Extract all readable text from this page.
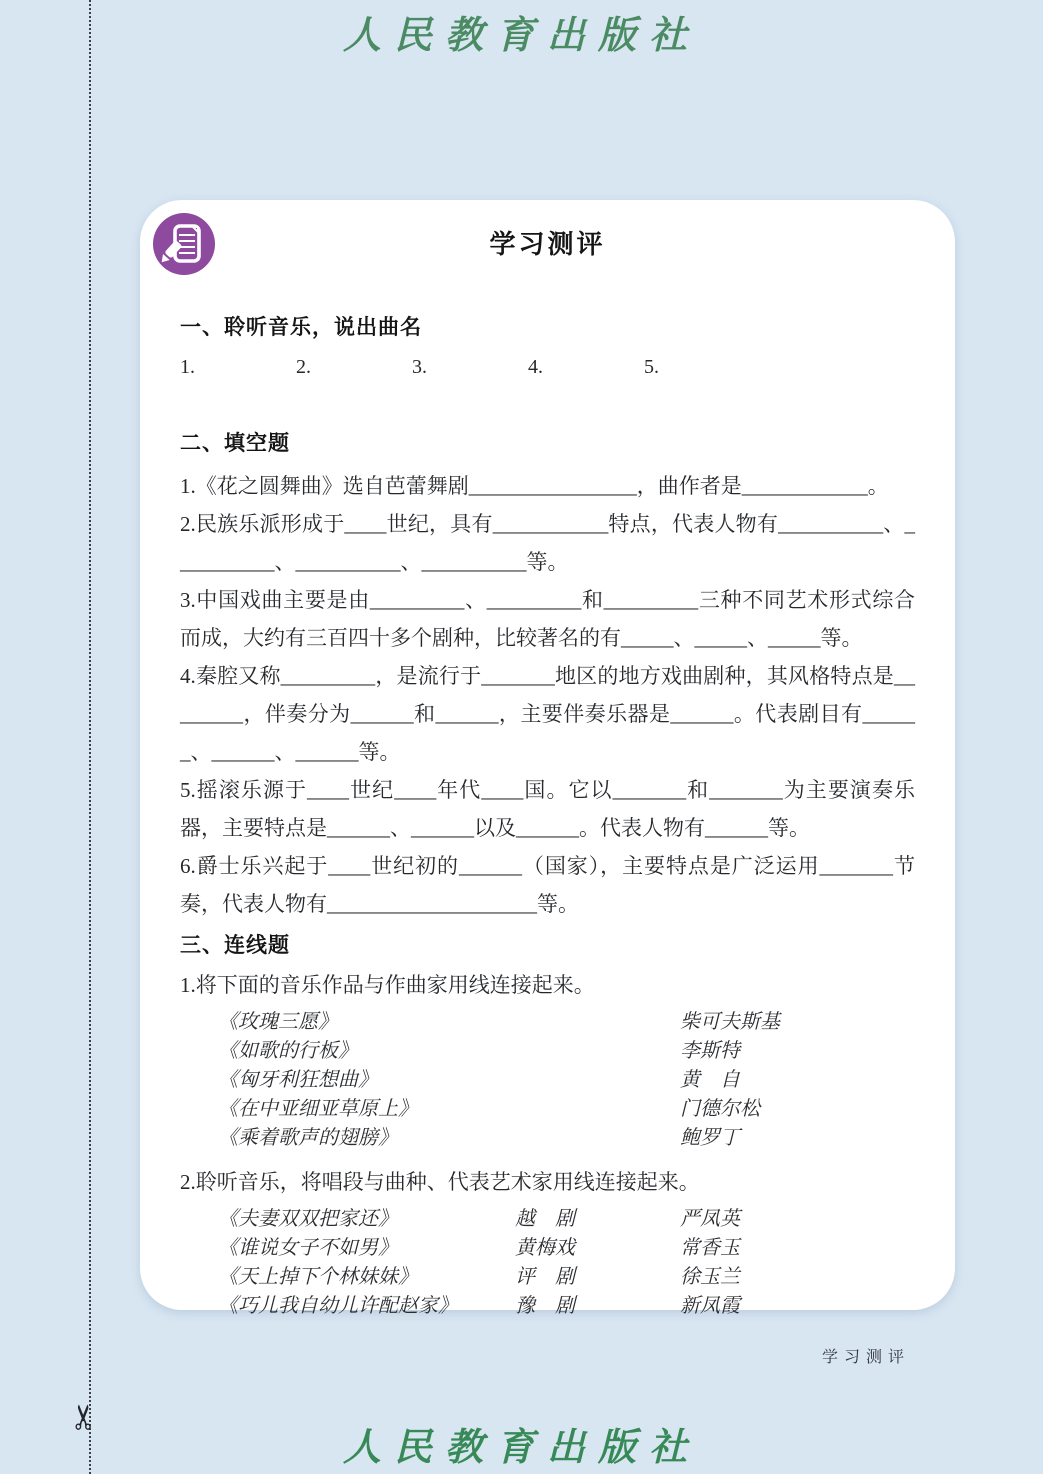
✂
人民教育出版社
学习测评
一、聆听音乐，说出曲名
1.	2.	3.	4.	5.
二、填空题

1.《花之圆舞曲》选自芭蕾舞剧________________，曲作者是____________。

2.民族乐派形成于____世纪，具有___________特点，代表人物有__________、__________、__________、__________等。

3.中国戏曲主要是由_________、_________和_________三种不同艺术形式综合而成，大约有三百四十多个剧种，比较著名的有_____、_____、_____等。

4.秦腔又称_________，是流行于_______地区的地方戏曲剧种，其风格特点是________，伴奏分为______和______，主要伴奏乐器是______。代表剧目有______、______、______等。

5.摇滚乐源于____世纪____年代____国。它以_______和_______为主要演奏乐器，主要特点是______、______以及______。代表人物有______等。

6.爵士乐兴起于____世纪初的______（国家），主要特点是广泛运用_______节奏，代表人物有____________________等。

三、连线题
1.将下面的音乐作品与作曲家用线连接起来。
《玫瑰三愿》	柴可夫斯基
《如歌的行板》	李斯特
《匈牙利狂想曲》	黄　自
《在中亚细亚草原上》	门德尔松
《乘着歌声的翅膀》	鲍罗丁
2.聆听音乐，将唱段与曲种、代表艺术家用线连接起来。
《夫妻双双把家还》	越　剧	严凤英
《谁说女子不如男》	黄梅戏	常香玉
《天上掉下个林妹妹》	评　剧	徐玉兰
《巧儿我自幼儿许配赵家》	豫　剧	新凤霞
学习测评
人民教育出版社
